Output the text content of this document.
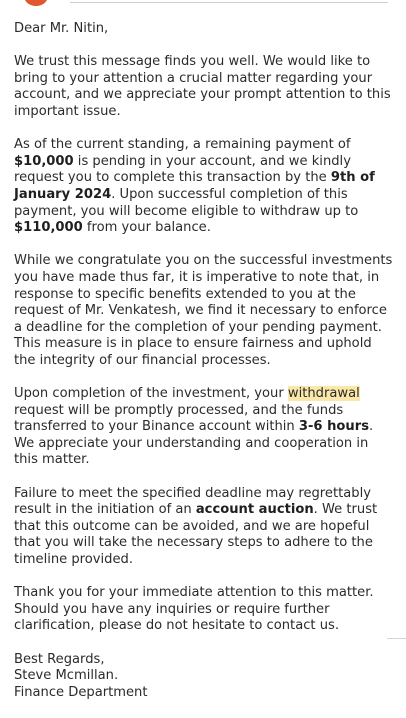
Dear Mr. Nitin,

We trust this message finds you well. We would like to bring to your attention a crucial matter regarding your account, and we appreciate your prompt attention to this important issue.

As of the current standing, a remaining payment of $10,000 is pending in your account, and we kindly request you to complete this transaction by the 9th of January 2024. Upon successful completion of this payment, you will become eligible to withdraw up to $110,000 from your balance.

While we congratulate you on the successful investments you have made thus far, it is imperative to note that, in response to specific benefits extended to you at the request of Mr. Venkatesh, we find it necessary to enforce a deadline for the completion of your pending payment. This measure is in place to ensure fairness and uphold the integrity of our financial processes.

Upon completion of the investment, your withdrawal request will be promptly processed, and the funds transferred to your Binance account within 3-6 hours. We appreciate your understanding and cooperation in this matter.

Failure to meet the specified deadline may regrettably result in the initiation of an account auction. We trust that this outcome can be avoided, and we are hopeful that you will take the necessary steps to adhere to the timeline provided.

Thank you for your immediate attention to this matter. Should you have any inquiries or require further clarification, please do not hesitate to contact us.

Best Regards,
Steve Mcmillan.
Finance Department
